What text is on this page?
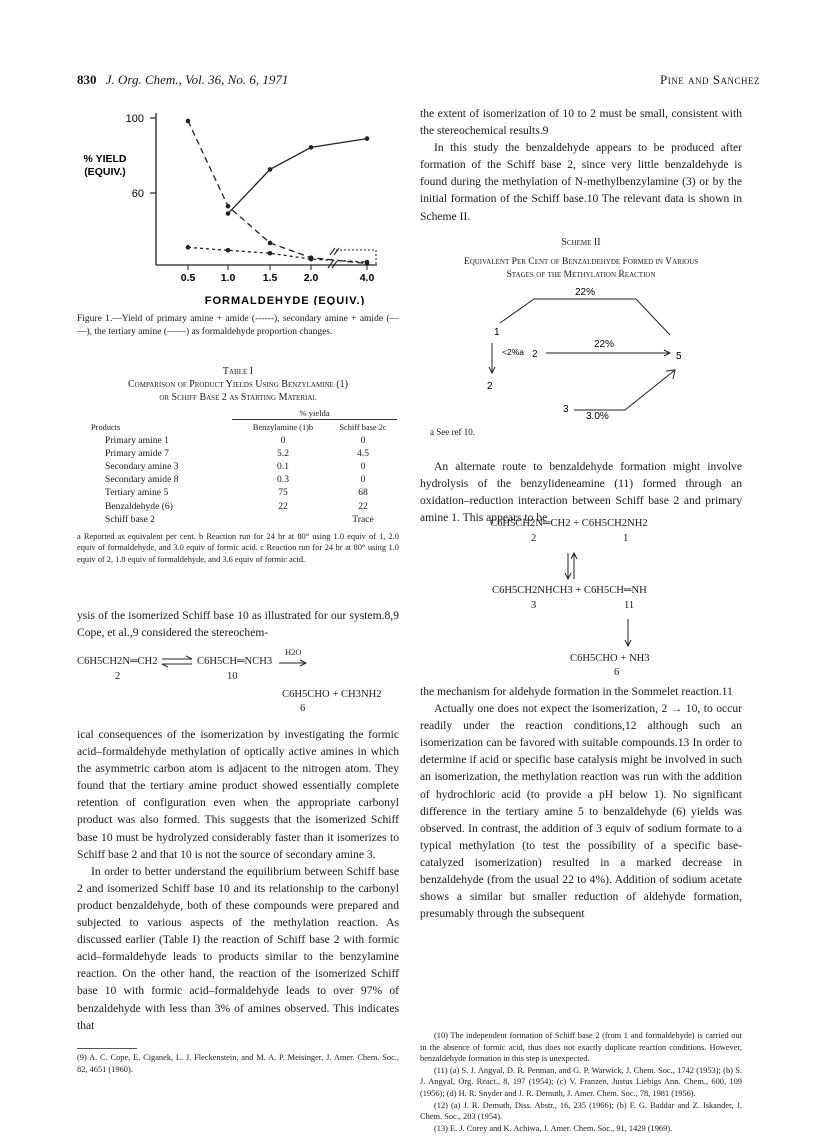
830 J. Org. Chem., Vol. 36, No. 6, 1971	Pine and Sanchez
100
60
% YIELD
(EQUIV.)
0.5 1.0	1.5	2.0	4.0
FORMALDEHYDE (EQUIV.)
Figure 1.—Yield of primary amine + amide (------), secondary amine + amide (— —), the tertiary amine (——) as formaldehyde proportion changes.
Table I
Comparison of Product Yields Using Benzylamine (1)
or Schiff Base 2 as Starting Material
% yielda
Products	Benzylamine (1)b	Schiff base 2c
Primary amine 1	0	0
Primary amide 7	5.2	4.5
Secondary amine 3	0.1	0
Secondary amide 8	0.3	0
Tertiary amine 5	75	68
Benzaldehyde (6)	22	22
Schiff base 2		Trace
a Reported as equivalent per cent. b Reaction run for 24 hr at 80° using 1.0 equiv of 1, 2.0 equiv of formaldehyde, and 3.0 equiv of formic acid. c Reaction run for 24 hr at 80° using 1.0 equiv of 2, 1.8 equiv of formaldehyde, and 3.6 equiv of formic acid.

ysis of the isomerized Schiff base 10 as illustrated for our system.8,9 Cope, et al.,9 considered the stereochem-

C6H5CH2N═CH2 ⇌ C6H5CH═NCH3
H2O
2	10
C6H5CHO + CH3NH2
6

ical consequences of the isomerization by investigating the formic acid–formaldehyde methylation of optically active amines in which the asymmetric carbon atom is adjacent to the nitrogen atom. They found that the tertiary amine product showed essentially complete retention of configuration even when the appropriate carbonyl product was also formed. This suggests that the isomerized Schiff base 10 must be hydrolyzed considerably faster than it isomerizes to Schiff base 2 and that 10 is not the source of secondary amine 3.

In order to better understand the equilibrium between Schiff base 2 and isomerized Schiff base 10 and its relationship to the carbonyl product benzaldehyde, both of these compounds were prepared and subjected to various aspects of the methylation reaction. As discussed earlier (Table I) the reaction of Schiff base 2 with formic acid–formaldehyde leads to products similar to the benzylamine reaction. On the other hand, the reaction of the isomerized Schiff base 10 with formic acid–formaldehyde leads to over 97% of benzaldehyde with less than 3% of amines observed. This indicates that

(9) A. C. Cope, E. Ciganek, L. J. Fleckenstein, and M. A. P. Meisinger, J. Amer. Chem. Soc., 82, 4651 (1960).

the extent of isomerization of 10 to 2 must be small, consistent with the stereochemical results.9

In this study the benzaldehyde appears to be produced after formation of the Schiff base 2, since very little benzaldehyde is found during the methylation of N-methylbenzylamine (3) or by the initial formation of the Schiff base.10 The relevant data is shown in Scheme II.

Scheme II
Equivalent Per Cent of Benzaldehyde Formed in Various
Stages of the Methylation Reaction
22%
22%
3.0%
<2%a
1
2
2
3
5
a See ref 10.

An alternate route to benzaldehyde formation might involve hydrolysis of the benzylideneamine (11) formed through an oxidation–reduction interaction between Schiff base 2 and primary amine 1. This appears to be

C6H5CH2N═CH2 + C6H5CH2NH2
2	1
C6H5CH2NHCH3 + C6H5CH═NH
3	11
C6H5CHO + NH3
6

the mechanism for aldehyde formation in the Sommelet reaction.11

Actually one does not expect the isomerization, 2 → 10, to occur readily under the reaction conditions,12 although such an isomerization can be favored with suitable compounds.13 In order to determine if acid or specific base catalysis might be involved in such an isomerization, the methylation reaction was run with the addition of hydrochloric acid (to provide a pH below 1). No significant difference in the tertiary amine 5 to benzaldehyde (6) yields was observed. In contrast, the addition of 3 equiv of sodium formate to a typical methylation (to test the possibility of a specific base-catalyzed isomerization) resulted in a marked decrease in benzaldehyde (from the usual 22 to 4%). Addition of sodium acetate shows a similar but smaller reduction of aldehyde formation, presumably through the subsequent

(10) The independent formation of Schiff base 2 (from 1 and formaldehyde) is carried out in the absence of formic acid, thus does not exactly duplicate reaction conditions. However, benzaldehyde formation in this step is unexpected.

(11) (a) S. J. Angyal, D. R. Penman, and G. P. Warwick, J. Chem. Soc., 1742 (1953); (b) S. J. Angyal, Org. React., 8, 197 (1954); (c) V. Franzen, Justus Liebigs Ann. Chem., 600, 109 (1956); (d) H. R. Snyder and J. R. Demuth, J. Amer. Chem. Soc., 78, 1981 (1956).

(12) (a) J. R. Demuth, Diss. Abstr., 16, 235 (1966); (b) F. G. Baddar and Z. Iskander, J. Chem. Soc., 203 (1954).

(13) E. J. Corey and K. Achiwa, J. Amer. Chem. Soc., 91, 1429 (1969).
